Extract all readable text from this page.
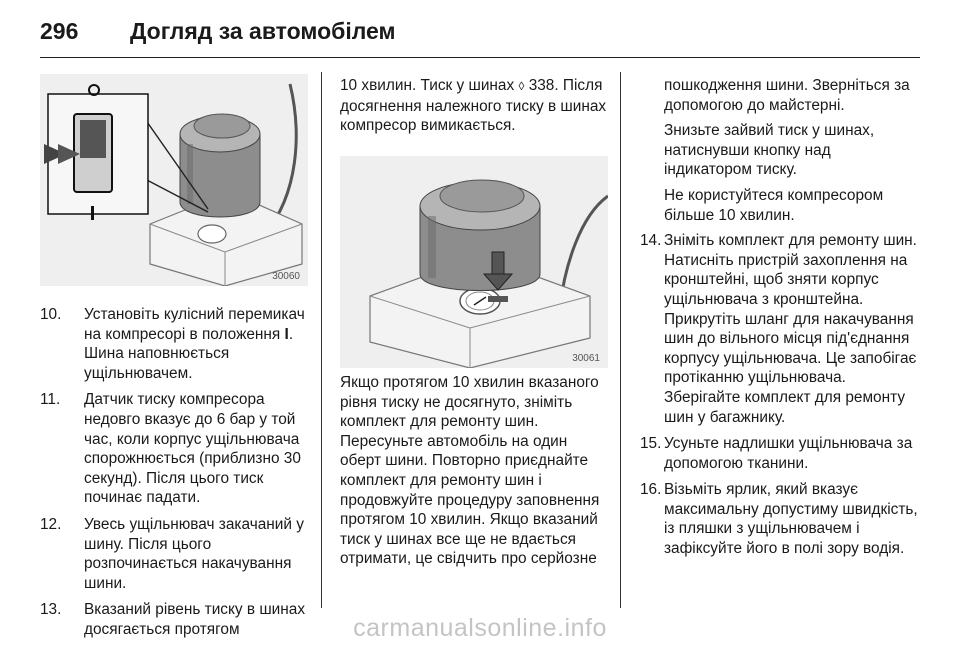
296 Догляд за автомобілем
30060
10. Установіть кулісний перемикач на компресорі в положення I. Шина наповнюється ущільнювачем.
11. Датчик тиску компресора недовго вказує до 6 бар у той час, коли корпус ущільнювача спорожнюється (приблизно 30 секунд). Після цього тиск починає падати.
12. Увесь ущільнювач закачаний у шину. Після цього розпочинається накачування шини.
13. Вказаний рівень тиску в шинах досягається протягом

10 хвилин. Тиск у шинах ◊ 338. Після досягнення належного тиску в шинах компресор вимикається.

30061

Якщо протягом 10 хвилин вказаного рівня тиску не досягнуто, зніміть комплект для ремонту шин. Пересуньте автомобіль на один оберт шини. Повторно приєднайте комплект для ремонту шин і продовжуйте процедуру заповнення протягом 10 хвилин. Якщо вказаний тиск у шинах все ще не вдається отримати, це свідчить про серйозне

пошкодження шини. Зверніться за допомогою до майстерні.

Знизьте зайвий тиск у шинах, натиснувши кнопку над індикатором тиску.

Не користуйтеся компресором більше 10 хвилин.

14. Зніміть комплект для ремонту шин. Натисніть пристрій захоплення на кронштейні, щоб зняти корпус ущільнювача з кронштейна. Прикрутіть шланг для накачування шин до вільного місця під'єднання корпусу ущільнювача. Це запобігає протіканню ущільнювача. Зберігайте комплект для ремонту шин у багажнику.
15. Усуньте надлишки ущільнювача за допомогою тканини.
16. Візьміть ярлик, який вказує максимальну допустиму швидкість, із пляшки з ущільнювачем і зафіксуйте його в полі зору водія.
carmanualsonline.info
